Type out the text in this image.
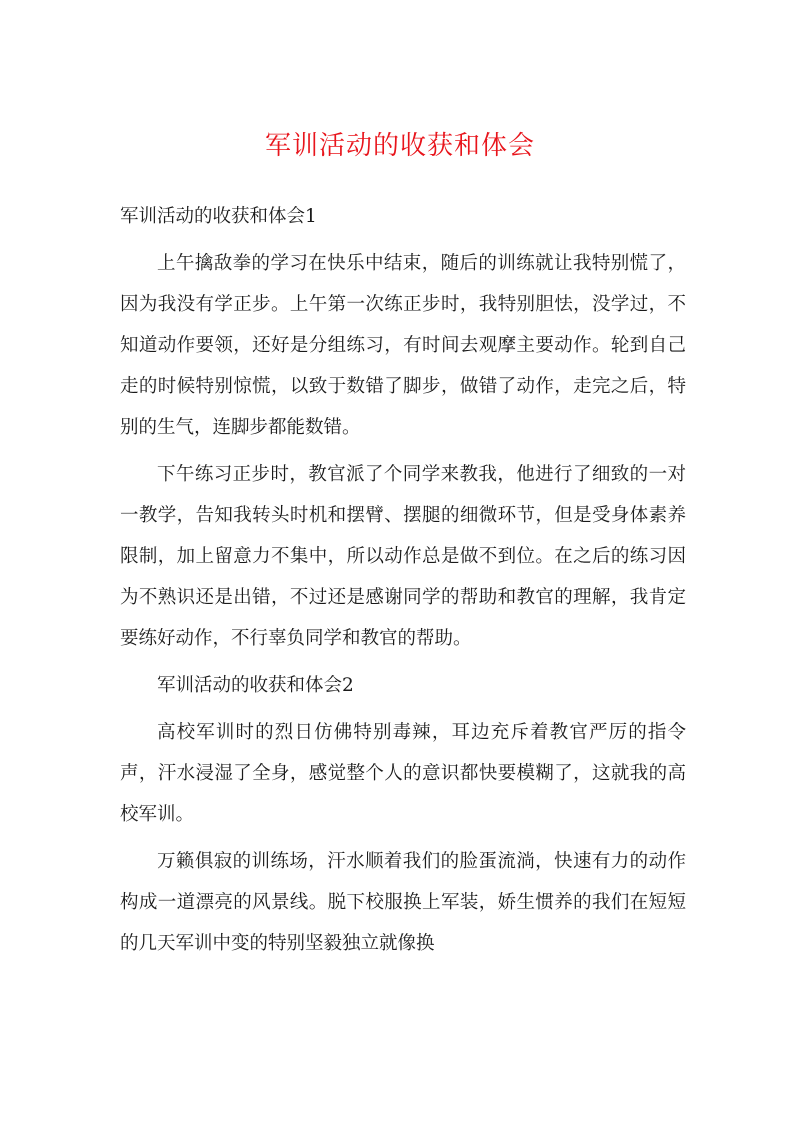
军训活动的收获和体会

军训活动的收获和体会1

上午擒敌拳的学习在快乐中结束，随后的训练就让我特别慌了，因为我没有学正步。上午第一次练正步时，我特别胆怯，没学过，不知道动作要领，还好是分组练习，有时间去观摩主要动作。轮到自己走的时候特别惊慌，以致于数错了脚步，做错了动作，走完之后，特别的生气，连脚步都能数错。

下午练习正步时，教官派了个同学来教我，他进行了细致的一对一教学，告知我转头时机和摆臂、摆腿的细微环节，但是受身体素养限制，加上留意力不集中，所以动作总是做不到位。在之后的练习因为不熟识还是出错，不过还是感谢同学的帮助和教官的理解，我肯定要练好动作，不行辜负同学和教官的帮助。

军训活动的收获和体会2

高校军训时的烈日仿佛特别毒辣，耳边充斥着教官严厉的指令声，汗水浸湿了全身，感觉整个人的意识都快要模糊了，这就我的高校军训。

万籁俱寂的训练场，汗水顺着我们的脸蛋流淌，快速有力的动作构成一道漂亮的风景线。脱下校服换上军装，娇生惯养的我们在短短的几天军训中变的特别坚毅独立就像换
